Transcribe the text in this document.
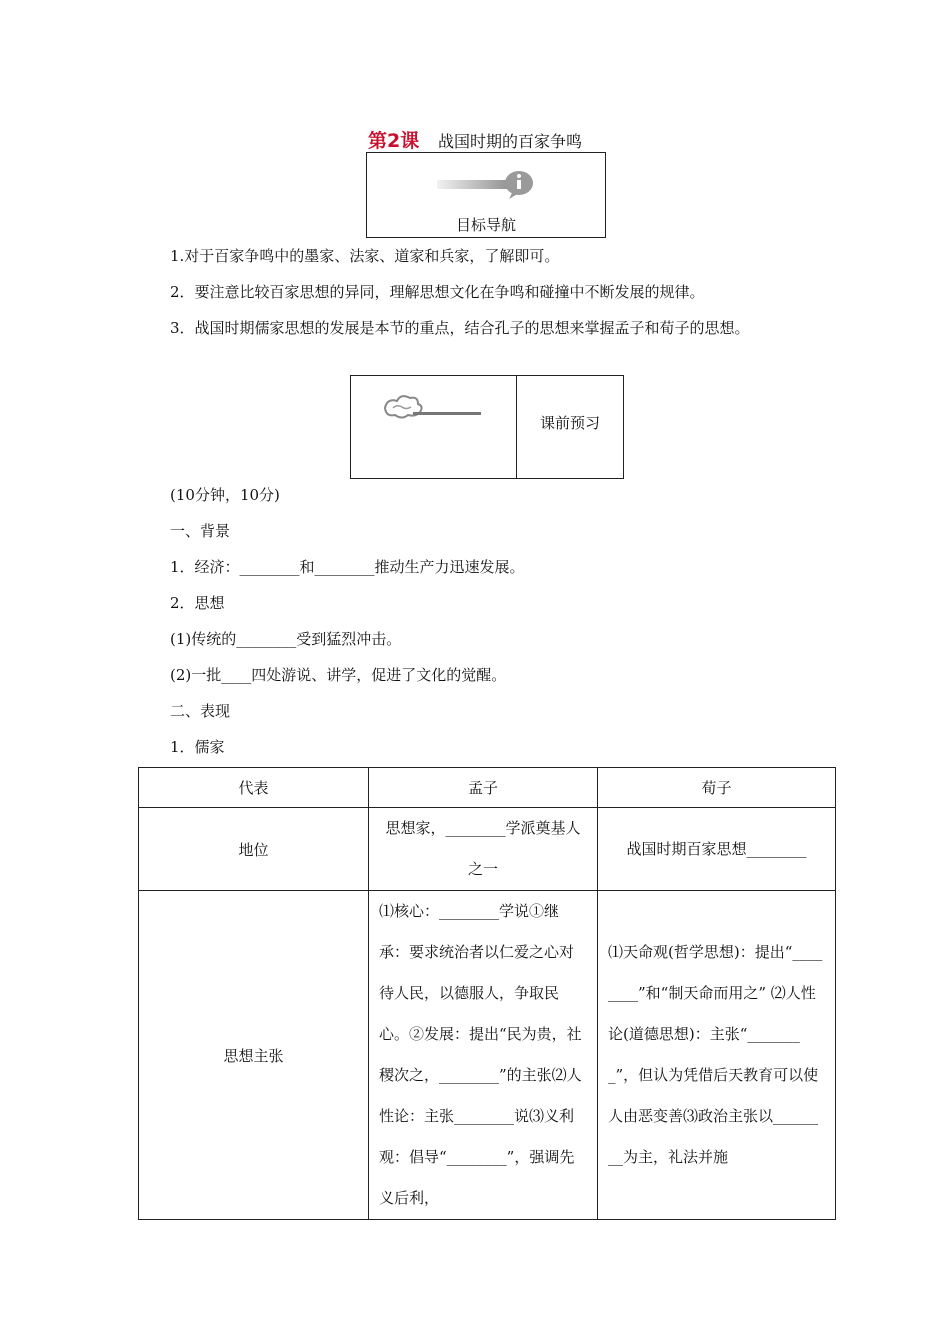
第2课 战国时期的百家争鸣
目标导航
1.对于百家争鸣中的墨家、法家、道家和兵家，了解即可。
2．要注意比较百家思想的异同，理解思想文化在争鸣和碰撞中不断发展的规律。
3．战国时期儒家思想的发展是本节的重点，结合孔子的思想来掌握孟子和荀子的思想。
课前预习
(10分钟，10分)
一、背景
1．经济：________和________推动生产力迅速发展。
2．思想
(1)传统的________受到猛烈冲击。
(2)一批____四处游说、讲学，促进了文化的觉醒。
二、表现
1．儒家
代表	孟子	荀子
地位	思想家，________学派奠基人之一	战国时期百家思想________

思想主张	⑴核心：________学说①继承：要求统治者以仁爱之心对待人民，以德服人，争取民心。②发展：提出“民为贵，社稷次之，________”的主张⑵人性论：主张________说⑶义利观：倡导“________”，强调先义后利，	⑴天命观(哲学思想)：提出“________”和“制天命而用之” ⑵人性论(道德思想)：主张“________”，但认为凭借后天教育可以使人由恶变善⑶政治主张以________为主，礼法并施
